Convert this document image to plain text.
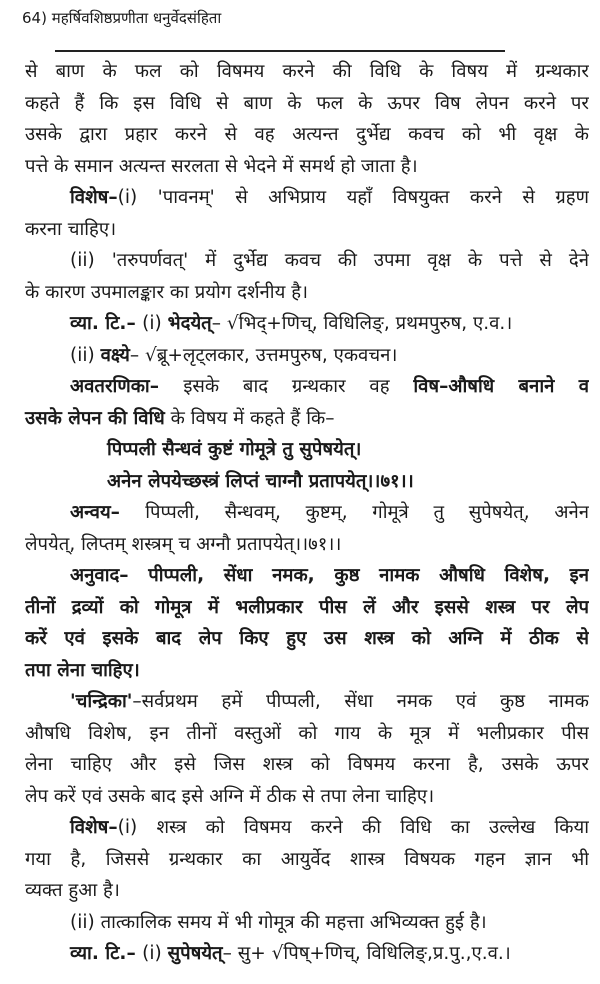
64) महर्षिवशिष्ठप्रणीता धनुर्वेदसंहिता
से बाण के फल को विषमय करने की विधि के विषय में ग्रन्थकार
कहते हैं कि इस विधि से बाण के फल के ऊपर विष लेपन करने पर
उसके द्वारा प्रहार करने से वह अत्यन्त दुर्भेद्य कवच को भी वृक्ष के
पत्ते के समान अत्यन्त सरलता से भेदने में समर्थ हो जाता है।
विशेष–(i) 'पावनम्' से अभिप्राय यहाँ विषयुक्त करने से ग्रहण
करना चाहिए।
(ii) 'तरुपर्णवत्' में दुर्भेद्य कवच की उपमा वृक्ष के पत्ते से देने
के कारण उपमालङ्कार का प्रयोग दर्शनीय है।
व्या. टि.– (i) भेदयेत्– √भिद्+णिच्, विधिलिङ्, प्रथमपुरुष, ए.व.।
(ii) वक्ष्ये– √ब्रू+लृट्लकार, उत्तमपुरुष, एकवचन।
अवतरणिका– इसके बाद ग्रन्थकार वह विष–औषधि बनाने व
उसके लेपन की विधि के विषय में कहते हैं कि–
पिप्पली सैन्धवं कुष्टं गोमूत्रे तु सुपेषयेत्।
अनेन लेपयेच्छस्त्रं लिप्तं चाग्नौ प्रतापयेत्।।७१।।
अन्वय– पिप्पली, सैन्धवम्, कुष्टम्, गोमूत्रे तु सुपेषयेत्, अनेन
लेपयेत्, लिप्तम् शस्त्रम् च अग्नौ प्रतापयेत्।।७१।।
अनुवाद– पीप्पली, सेंधा नमक, कुष्ठ नामक औषधि विशेष, इन
तीनों द्रव्यों को गोमूत्र में भलीप्रकार पीस लें और इससे शस्त्र पर लेप
करें एवं इसके बाद लेप किए हुए उस शस्त्र को अग्नि में ठीक से
तपा लेना चाहिए।
'चन्द्रिका'–सर्वप्रथम हमें पीप्पली, सेंधा नमक एवं कुष्ठ नामक
औषधि विशेष, इन तीनों वस्तुओं को गाय के मूत्र में भलीप्रकार पीस
लेना चाहिए और इसे जिस शस्त्र को विषमय करना है, उसके ऊपर
लेप करें एवं उसके बाद इसे अग्नि में ठीक से तपा लेना चाहिए।
विशेष–(i) शस्त्र को विषमय करने की विधि का उल्लेख किया
गया है, जिससे ग्रन्थकार का आयुर्वेद शास्त्र विषयक गहन ज्ञान भी
व्यक्त हुआ है।
(ii) तात्कालिक समय में भी गोमूत्र की महत्ता अभिव्यक्त हुई है।
व्या. टि.– (i) सुपेषयेत्– सु+ √पिष्+णिच्, विधिलिङ्,प्र.पु.,ए.व.।
